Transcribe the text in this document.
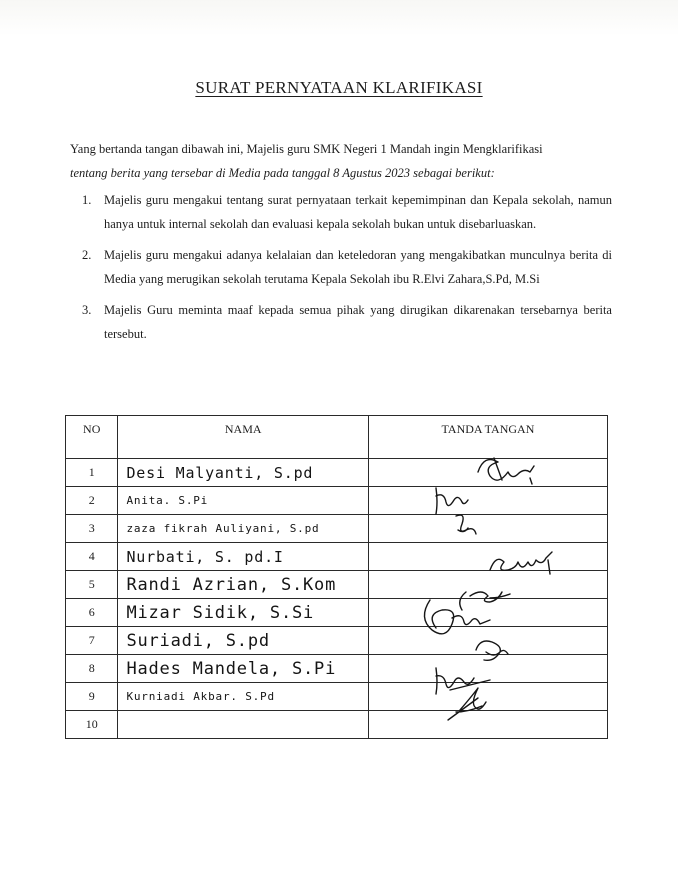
SURAT PERNYATAAN KLARIFIKASI
Yang bertanda tangan dibawah ini, Majelis guru SMK Negeri 1 Mandah ingin Mengklarifikasi
tentang berita yang tersebar di Media pada tanggal 8 Agustus 2023 sebagai berikut:
1. Majelis guru mengakui tentang surat pernyataan terkait kepemimpinan dan Kepala sekolah, namun hanya untuk internal sekolah dan evaluasi kepala sekolah bukan untuk disebarluaskan.
2. Majelis guru mengakui adanya kelalaian dan keteledoran yang mengakibatkan munculnya berita di Media yang merugikan sekolah terutama Kepala Sekolah ibu R.Elvi Zahara,S.Pd, M.Si
3. Majelis Guru meminta maaf kepada semua pihak yang dirugikan dikarenakan tersebarnya berita tersebut.
NO	NAMA	TANDA TANGAN
1	Desi Malyanti, S.pd	
2	Anita. S.Pi	
3	zaza fikrah Auliyani, S.pd	
4	Nurbati, S. pd.I	
5	Randi Azrian, S.Kom	
6	Mizar Sidik, S.Si	
7	Suriadi, S.pd	
8	Hades Mandela, S.Pi	
9	Kurniadi Akbar. S.Pd	
10		
